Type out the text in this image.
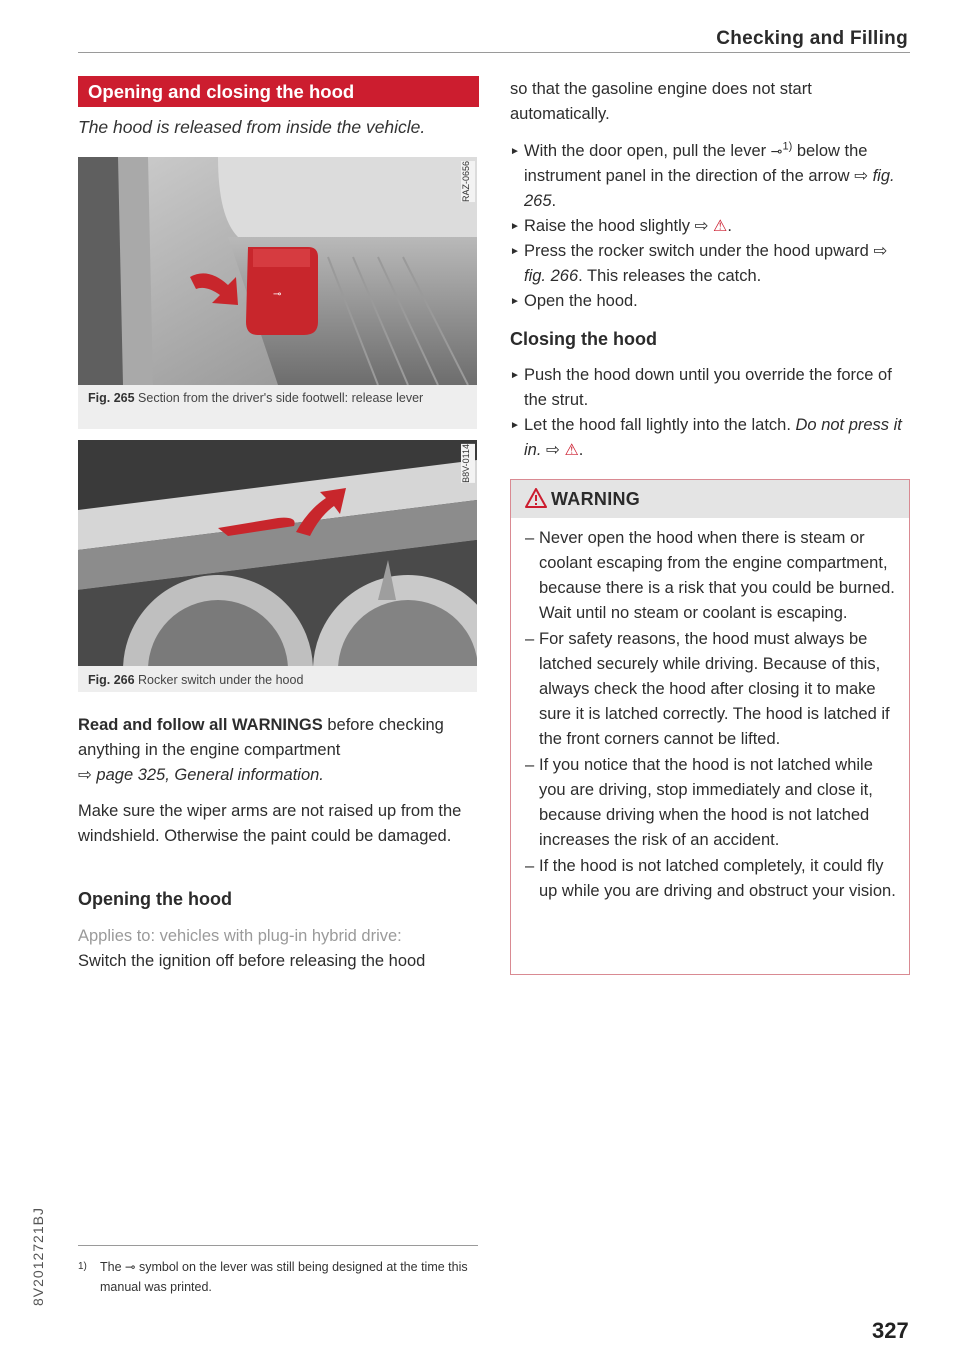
Checking and Filling
Opening and closing the hood
The hood is released from inside the vehicle.
⊸
RAZ-0656
Fig. 265 Section from the driver's side footwell: release lever
B8V-0114
Fig. 266 Rocker switch under the hood
Read and follow all WARNINGS before checking anything in the engine compartment
⇨ page 325, General information.
Make sure the wiper arms are not raised up from the windshield. Otherwise the paint could be damaged.
Opening the hood
Applies to: vehicles with plug-in hybrid drive:
Switch the ignition off before releasing the hood
so that the gasoline engine does not start automatically.
► With the door open, pull the lever ⊸$^{1)}$ below the instrument panel in the direction of the arrow ⇨ fig. 265.
► Raise the hood slightly ⇨ ⚠.
► Press the rocker switch under the hood upward ⇨ fig. 266. This releases the catch.
► Open the hood.
Closing the hood
► Push the hood down until you override the force of the strut.
► Let the hood fall lightly into the latch. Do not press it in. ⇨ ⚠.
WARNING
– Never open the hood when there is steam or coolant escaping from the engine compartment, because there is a risk that you could be burned. Wait until no steam or coolant is escaping.
– For safety reasons, the hood must always be latched securely while driving. Because of this, always check the hood after closing it to make sure it is latched correctly. The hood is latched if the front corners cannot be lifted.
– If you notice that the hood is not latched while you are driving, stop immediately and close it, because driving when the hood is not latched increases the risk of an accident.
– If the hood is not latched completely, it could fly up while you are driving and obstruct your vision.
1)	The ⊸ symbol on the lever was still being designed at the time this manual was printed.
327
8V2012721BJ
